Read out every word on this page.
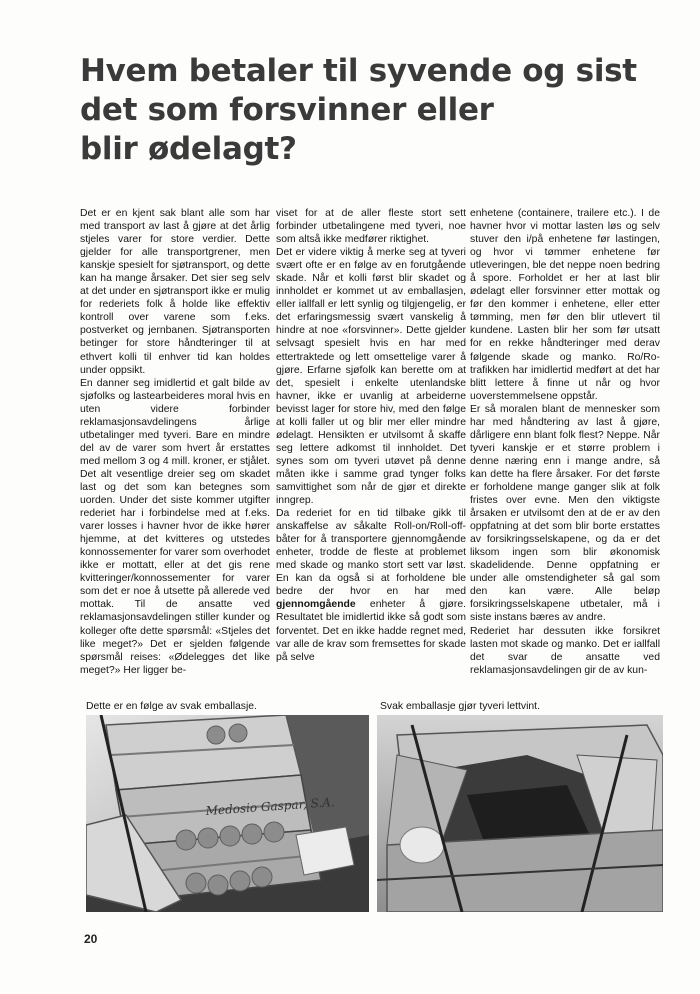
Hvem betaler til syvende og sist
det som forsvinner eller
blir ødelagt?

Det er en kjent sak blant alle som har med transport av last å gjøre at det årlig stjeles varer for store verdier. Dette gjelder for alle transportgrener, men kanskje spesielt for sjøtransport, og dette kan ha mange årsaker. Det sier seg selv at det under en sjøtransport ikke er mulig for rederiets folk å holde like effektiv kontroll over varene som f.eks. postverket og jernbanen. Sjøtransporten betinger for store håndteringer til at ethvert kolli til enhver tid kan holdes under oppsikt.

En danner seg imidlertid et galt bilde av sjøfolks og lastearbeideres moral hvis en uten videre forbinder reklamasjonsavdelingens årlige utbetalinger med tyveri. Bare en mindre del av de varer som hvert år erstattes med mellom 3 og 4 mill. kroner, er stjålet. Det alt vesentlige dreier seg om skadet last og det som kan betegnes som uorden. Under det siste kommer utgifter rederiet har i forbindelse med at f.eks. varer losses i havner hvor de ikke hører hjemme, at det kvitteres og utstedes konnossementer for varer som overhodet ikke er mottatt, eller at det gis rene kvitteringer/konnossementer for varer som det er noe å utsette på allerede ved mottak. Til de ansatte ved reklamasjonsavdelingen stiller kunder og kolleger ofte dette spørsmål: «Stjeles det like meget?» Det er sjelden følgende spørsmål reises: «Ødelegges det like meget?» Her ligger be-

viset for at de aller fleste stort sett forbinder utbetalingene med tyveri, noe som altså ikke medfører riktighet.

Det er videre viktig å merke seg at tyveri svært ofte er en følge av en forutgående skade. Når et kolli først blir skadet og innholdet er kommet ut av emballasjen, eller iallfall er lett synlig og tilgjengelig, er det erfaringsmessig svært vanskelig å hindre at noe «forsvinner». Dette gjelder selvsagt spesielt hvis en har med ettertraktede og lett omsettelige varer å gjøre. Erfarne sjøfolk kan berette om at det, spesielt i enkelte utenlandske havner, ikke er uvanlig at arbeiderne bevisst lager for store hiv, med den følge at kolli faller ut og blir mer eller mindre ødelagt. Hensikten er utvilsomt å skaffe seg lettere adkomst til innholdet. Det synes som om tyveri utøvet på denne måten ikke i samme grad tynger folks samvittighet som når de gjør et direkte inngrep.

Da rederiet for en tid tilbake gikk til anskaffelse av såkalte Roll-on/Roll-off-båter for å transportere gjennomgående enheter, trodde de fleste at problemet med skade og manko stort sett var løst. En kan da også si at forholdene ble bedre der hvor en har med gjennomgående enheter å gjøre. Resultatet ble imidlertid ikke så godt som forventet. Det en ikke hadde regnet med, var alle de krav som fremsettes for skade på selve

enhetene (containere, trailere etc.). I de havner hvor vi mottar lasten løs og selv stuver den i/på enhetene før lastingen, og hvor vi tømmer enhetene før utleveringen, ble det neppe noen bedring å spore. Forholdet er her at last blir ødelagt eller forsvinner etter mottak og før den kommer i enhetene, eller etter tømming, men før den blir utlevert til kundene. Lasten blir her som før utsatt for en rekke håndteringer med derav følgende skade og manko. Ro/Ro-trafikken har imidlertid medført at det har blitt lettere å finne ut når og hvor uoverstemmelsene oppstår.

Er så moralen blant de mennesker som har med håndtering av last å gjøre, dårligere enn blant folk flest? Neppe. Når tyveri kanskje er et større problem i denne næring enn i mange andre, så kan dette ha flere årsaker. For det første er forholdene mange ganger slik at folk fristes over evne. Men den viktigste årsaken er utvilsomt den at de er av den oppfatning at det som blir borte erstattes av forsikringsselskapene, og da er det liksom ingen som blir økonomisk skadelidende. Denne oppfatning er under alle omstendigheter så gal som den kan være. Alle beløp forsikringsselskapene utbetaler, må i siste instans bæres av andre.

Rederiet har dessuten ikke forsikret lasten mot skade og manko. Det er iallfall det svar de ansatte ved reklamasjonsavdelingen gir de av kun-

Dette er en følge av svak emballasje.	Svak emballasje gjør tyveri lettvint.

Medosio Gaspar, S.A.

20
